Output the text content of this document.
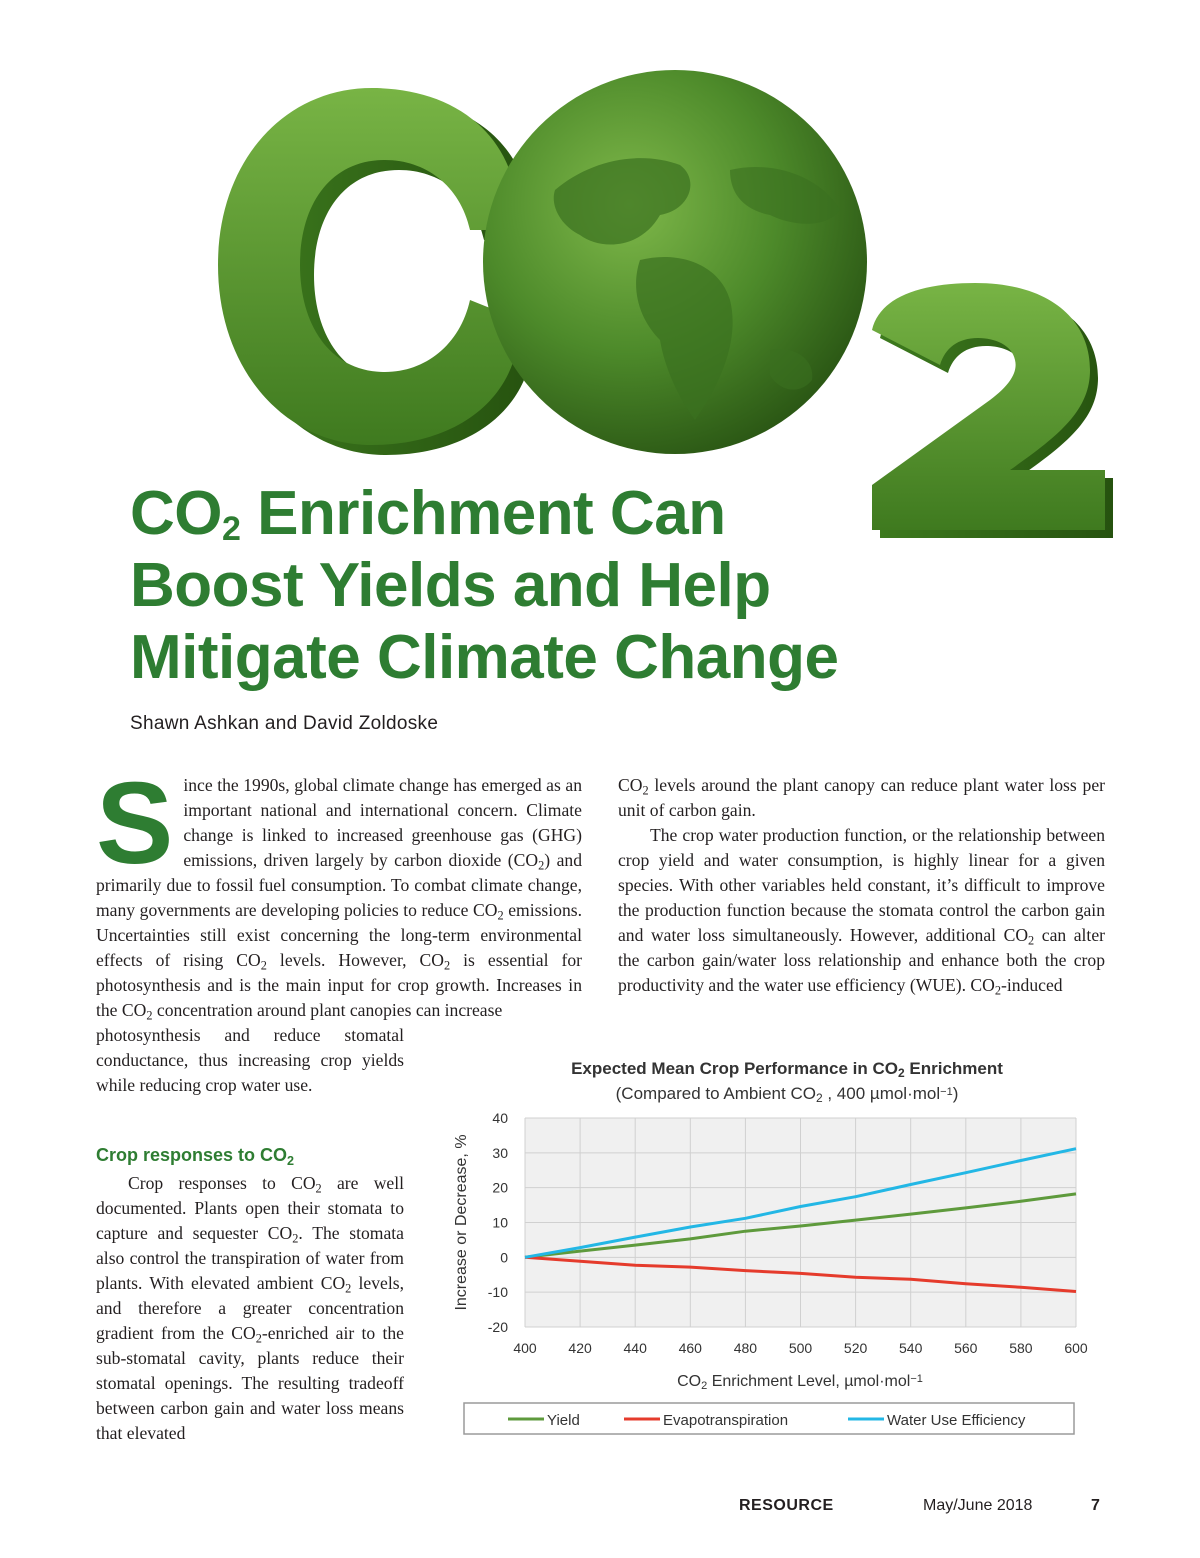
$CO_2$ Enrichment Can
Boost Yields and Help
Mitigate Climate Change

Shawn Ashkan and David Zoldoske

S ince the 1990s, global climate change has emerged as an important national and international concern. Climate change is linked to increased greenhouse gas (GHG) emissions, driven largely by carbon dioxide $(CO_2)$ and primarily due to fossil fuel consumption. To combat climate change, many governments are developing policies to reduce $CO_2$ emissions. Uncertainties still exist concerning the long-term environmental effects of rising $CO_2$ levels. However, $CO_2$ is essential for photosynthesis and is the main input for crop growth. Increases in the $CO_2$ concentration around plant canopies can increase

photosynthesis and reduce stomatal conductance, thus increasing crop yields while reducing crop water use.

Crop responses to $CO_2$

Crop responses to $CO_2$ are well documented. Plants open their stomata to capture and sequester $CO_2$. The stomata also control the transpiration of water from plants. With elevated ambient $CO_2$ levels, and therefore a greater concentration gradient from the $CO_2$-enriched air to the sub-stomatal cavity, plants reduce their stomatal openings. The resulting tradeoff between carbon gain and water loss means that elevated

$CO_2$ levels around the plant canopy can reduce plant water loss per unit of carbon gain.

The crop water production function, or the relationship between crop yield and water consumption, is highly linear for a given species. With other variables held constant, it’s difficult to improve the production function because the stomata control the carbon gain and water loss simultaneously. However, additional $CO_2$ can alter the carbon gain/water loss relationship and enhance both the crop productivity and the water use efficiency (WUE). $CO_2$-induced

Expected Mean Crop Performance in CO2 Enrichment
(Compared to Ambient CO2 , 400 µmol·mol−1)
-20
-10
0
10
20
30
40
400 420 440 460 480 500 520 540 560 580 600
CO2 Enrichment Level, µmol·mol−1
Increase or Decrease, %
Yield	Evapotranspiration	Water Use Efficiency
RESOURCE	May/June 2018	7
